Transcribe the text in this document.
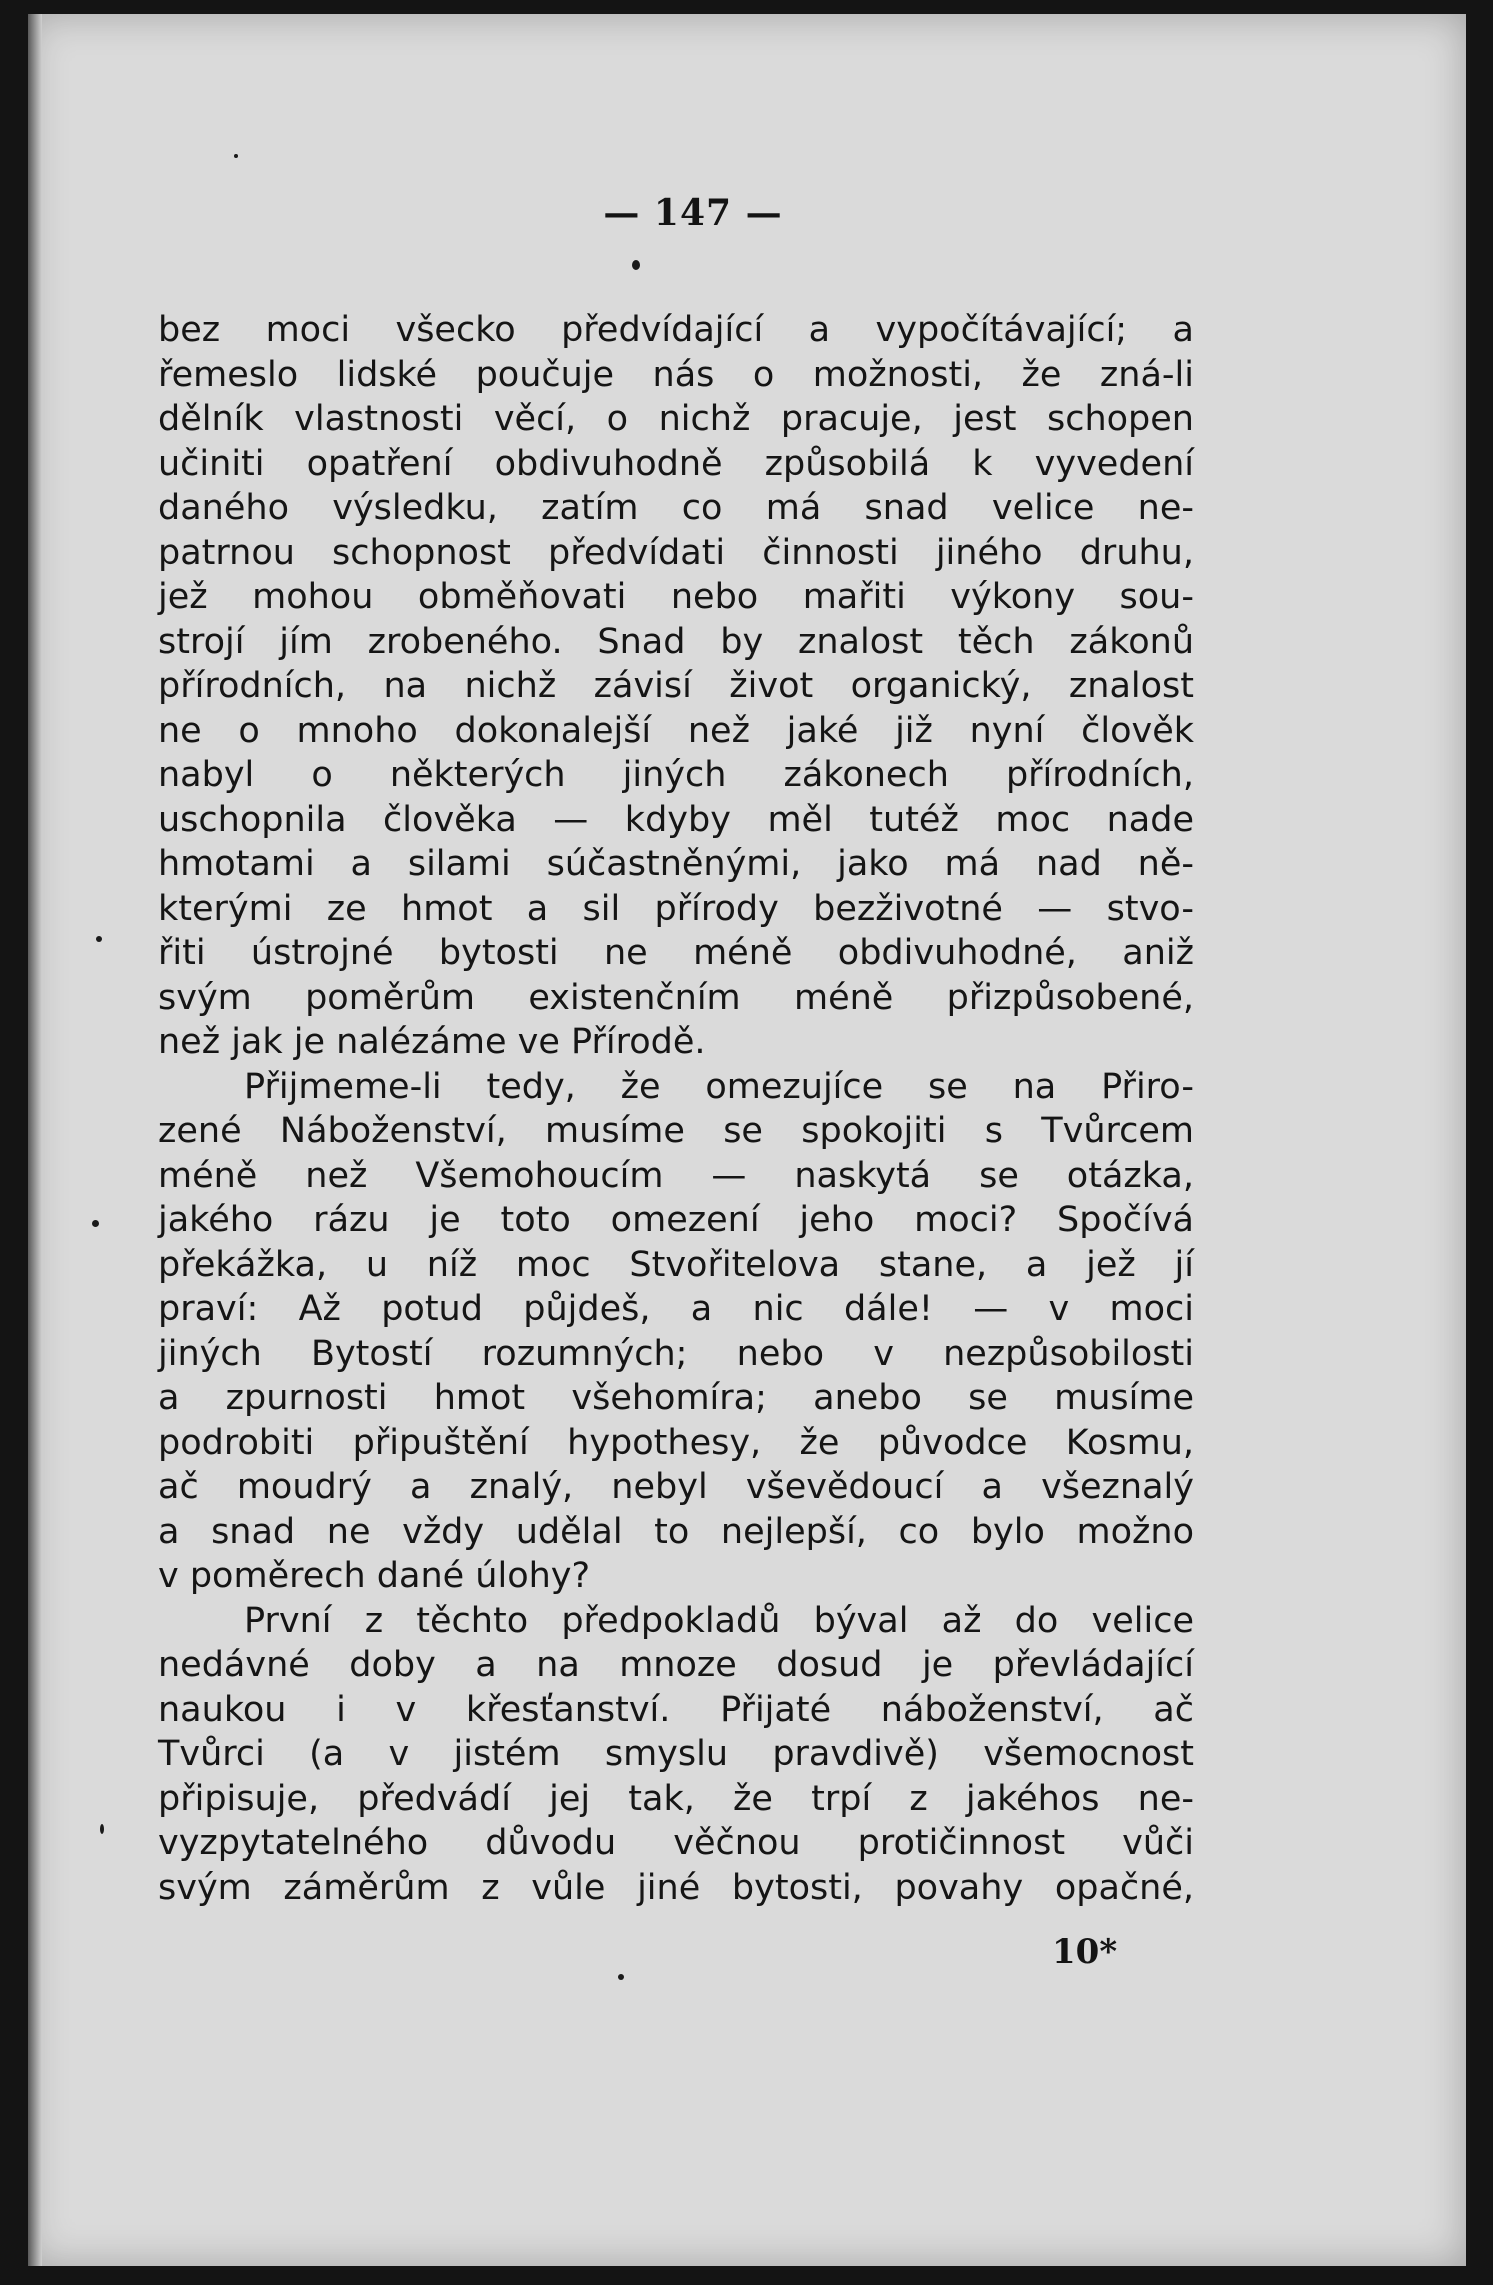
— 147 —
bez moci všecko předvídající a vypočítávající; a
řemeslo lidské poučuje nás o možnosti, že zná-li
dělník vlastnosti věcí, o nichž pracuje, jest schopen
učiniti opatření obdivuhodně způsobilá k vyvedení
daného výsledku, zatím co má snad velice ne-
patrnou schopnost předvídati činnosti jiného druhu,
jež mohou obměňovati nebo mařiti výkony sou-
strojí jím zrobeného. Snad by znalost těch zákonů
přírodních, na nichž závisí život organický, znalost
ne o mnoho dokonalejší než jaké již nyní člověk
nabyl o některých jiných zákonech přírodních,
uschopnila člověka — kdyby měl tutéž moc nade
hmotami a silami súčastněnými, jako má nad ně-
kterými ze hmot a sil přírody bezživotné — stvo-
řiti ústrojné bytosti ne méně obdivuhodné, aniž
svým poměrům existenčním méně přizpůsobené,
než jak je nalézáme ve Přírodě.
Přijmeme-li tedy, že omezujíce se na Přiro-
zené Náboženství, musíme se spokojiti s Tvůrcem
méně než Všemohoucím — naskytá se otázka,
jakého rázu je toto omezení jeho moci? Spočívá
překážka, u níž moc Stvořitelova stane, a jež jí
praví: Až potud půjdeš, a nic dále! — v moci
jiných Bytostí rozumných; nebo v nezpůsobilosti
a zpurnosti hmot všehomíra; anebo se musíme
podrobiti připuštění hypothesy, že původce Kosmu,
ač moudrý a znalý, nebyl vševědoucí a všeznalý
a snad ne vždy udělal to nejlepší, co bylo možno
v poměrech dané úlohy?
První z těchto předpokladů býval až do velice
nedávné doby a na mnoze dosud je převládající
naukou i v křesťanství. Přijaté náboženství, ač
Tvůrci (a v jistém smyslu pravdivě) všemocnost
připisuje, předvádí jej tak, že trpí z jakéhos ne-
vyzpytatelného důvodu věčnou protičinnost vůči
svým záměrům z vůle jiné bytosti, povahy opačné,
10*
